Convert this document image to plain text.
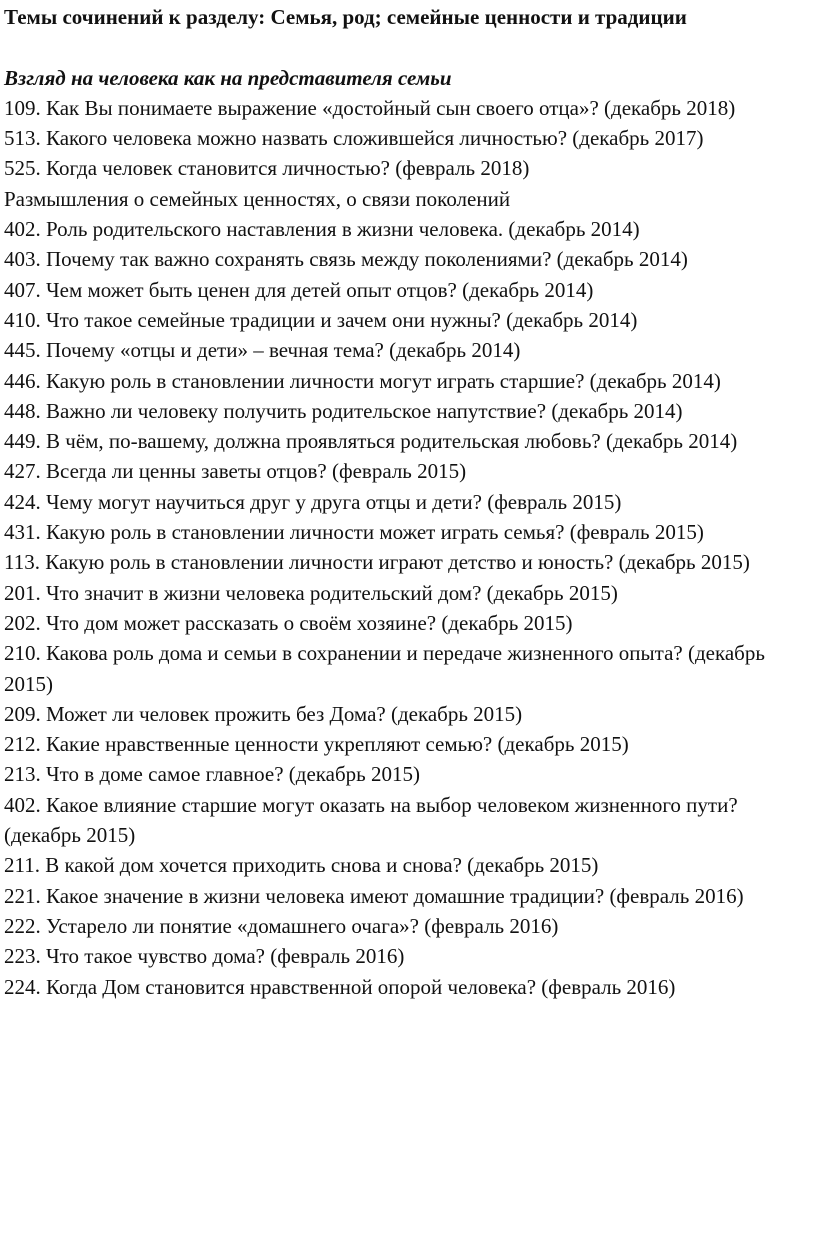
Темы сочинений к разделу: Семья, род; семейные ценности и традиции

Взгляд на человека как на представителя семьи

109. Как Вы понимаете выражение «достойный сын своего отца»? (декабрь 2018)

513. Какого человека можно назвать сложившейся личностью? (декабрь 2017)

525. Когда человек становится личностью? (февраль 2018)

Размышления о семейных ценностях, о связи поколений

402. Роль родительского наставления в жизни человека. (декабрь 2014)

403. Почему так важно сохранять связь между поколениями? (декабрь 2014)

407. Чем может быть ценен для детей опыт отцов? (декабрь 2014)

410. Что такое семейные традиции и зачем они нужны? (декабрь 2014)

445. Почему «отцы и дети» – вечная тема? (декабрь 2014)

446. Какую роль в становлении личности могут играть старшие? (декабрь 2014)

448. Важно ли человеку получить родительское напутствие? (декабрь 2014)

449. В чём, по-вашему, должна проявляться родительская любовь? (декабрь 2014)

427. Всегда ли ценны заветы отцов? (февраль 2015)

424. Чему могут научиться друг у друга отцы и дети? (февраль 2015)

431. Какую роль в становлении личности может играть семья? (февраль 2015)

113. Какую роль в становлении личности играют детство и юность? (декабрь 2015)

201. Что значит в жизни человека родительский дом? (декабрь 2015)

202. Что дом может рассказать о своём хозяине? (декабрь 2015)

210. Какова роль дома и семьи в сохранении и передаче жизненного опыта? (декабрь 2015)

209. Может ли человек прожить без Дома? (декабрь 2015)

212. Какие нравственные ценности укрепляют семью? (декабрь 2015)

213. Что в доме самое главное? (декабрь 2015)

402. Какое влияние старшие могут оказать на выбор человеком жизненного пути? (декабрь 2015)

211. В какой дом хочется приходить снова и снова? (декабрь 2015)

221. Какое значение в жизни человека имеют домашние традиции? (февраль 2016)

222. Устарело ли понятие «домашнего очага»? (февраль 2016)

223. Что такое чувство дома? (февраль 2016)

224. Когда Дом становится нравственной опорой человека? (февраль 2016)
